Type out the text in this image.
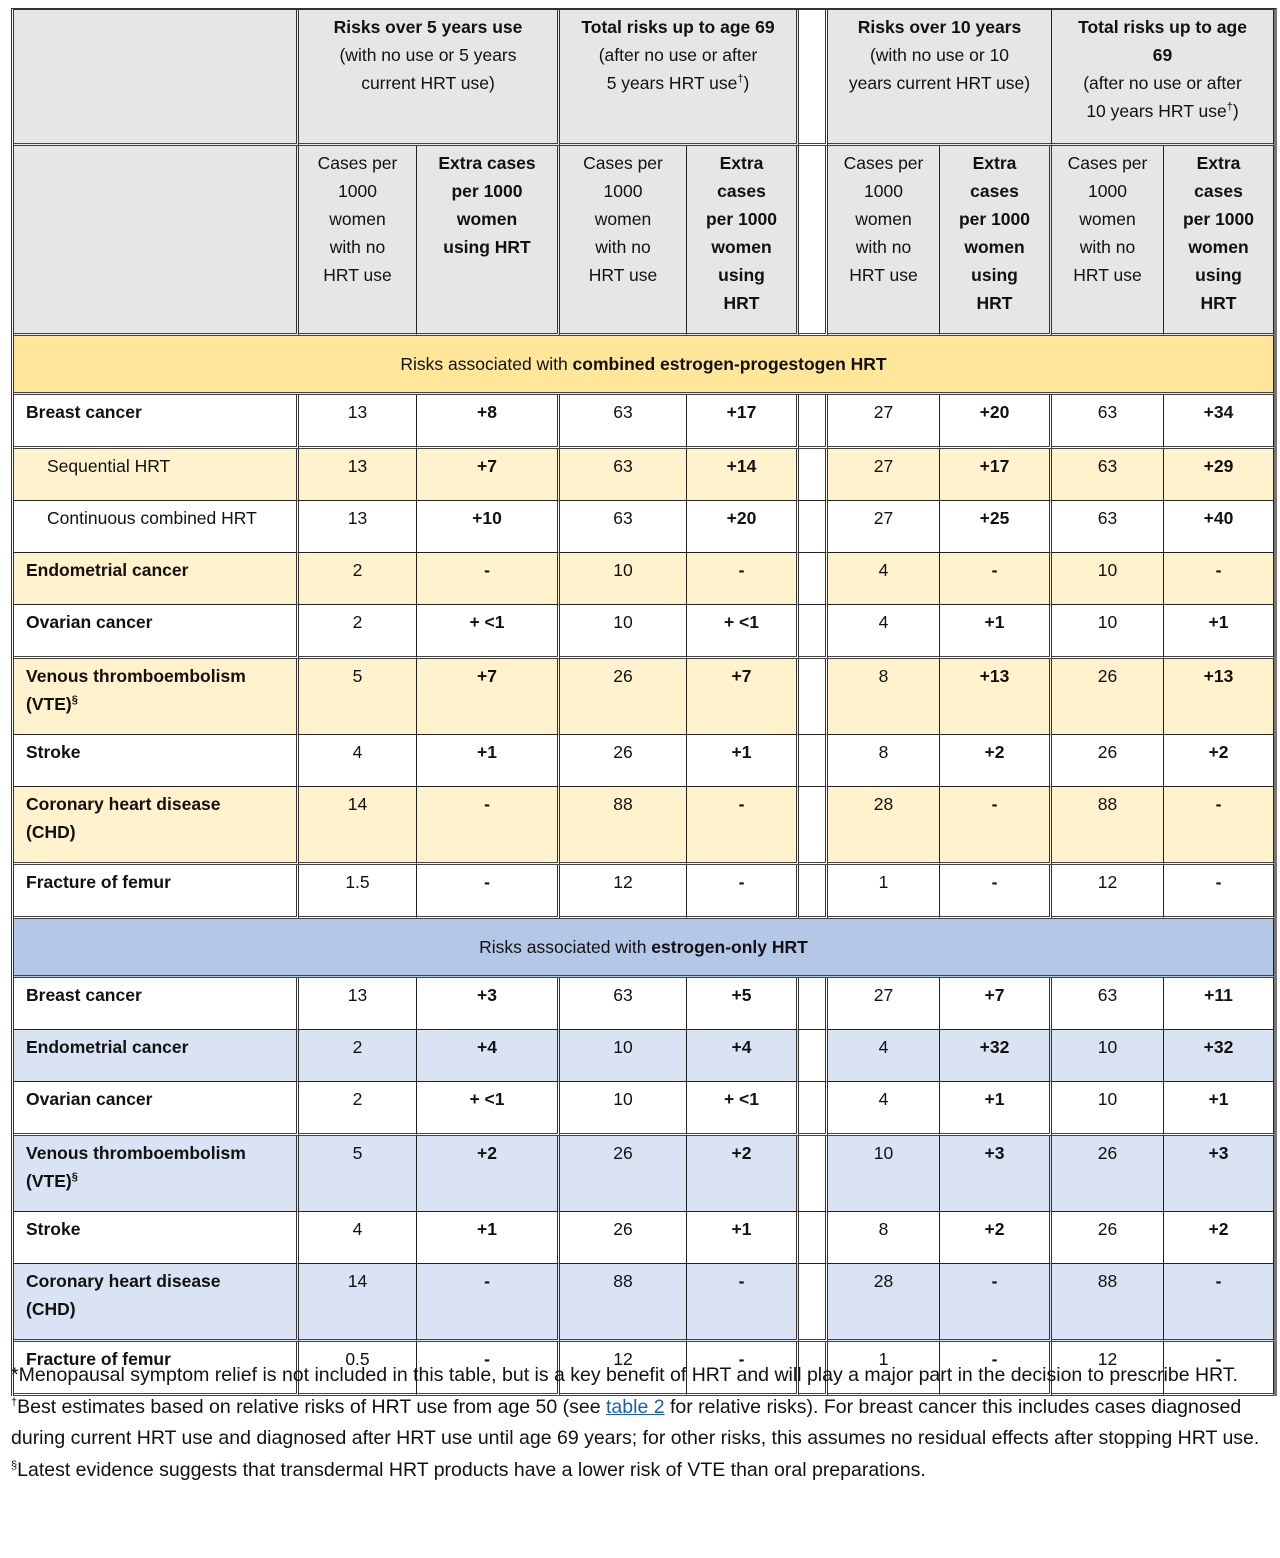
	Risks over 5 years use
(with no use or 5 years
current HRT use)		Total risks up to age 69
(after no use or after
5 years HRT use†)			Risks over 10 years
(with no use or 10
years current HRT use)		Total risks up to age
69
(after no use or after
10 years HRT use†)	
	Cases per
1000
women
with no
HRT use	Extra cases
per 1000
women
using HRT	Cases per
1000
women
with no
HRT use	Extra
cases
per 1000
women
using
HRT		Cases per
1000
women
with no
HRT use	Extra
cases
per 1000
women
using
HRT	Cases per
1000
women
with no
HRT use	Extra
cases
per 1000
women
using
HRT
Risks associated with combined estrogen-progestogen HRT									
Breast cancer	13	+8	63	+17		27	+20	63	+34
Sequential HRT	13	+7	63	+14		27	+17	63	+29
Continuous combined HRT	13	+10	63	+20		27	+25	63	+40
Endometrial cancer	2	-	10	-		4	-	10	-
Ovarian cancer	2	+ <1	10	+ <1		4	+1	10	+1
Venous thromboembolism
(VTE)§	5	+7	26	+7		8	+13	26	+13
Stroke	4	+1	26	+1		8	+2	26	+2
Coronary heart disease
(CHD)	14	-	88	-		28	-	88	-
Fracture of femur	1.5	-	12	-		1	-	12	-
Risks associated with estrogen-only HRT									
Breast cancer	13	+3	63	+5		27	+7	63	+11
Endometrial cancer	2	+4	10	+4		4	+32	10	+32
Ovarian cancer	2	+ <1	10	+ <1		4	+1	10	+1
Venous thromboembolism
(VTE)§	5	+2	26	+2		10	+3	26	+3
Stroke	4	+1	26	+1		8	+2	26	+2
Coronary heart disease
(CHD)	14	-	88	-		28	-	88	-
Fracture of femur	0.5	-	12	-		1	-	12	-

*Menopausal symptom relief is not included in this table, but is a key benefit of HRT and will play a major part in the decision to prescribe HRT.

†Best estimates based on relative risks of HRT use from age 50 (see table 2 for relative risks). For breast cancer this includes cases diagnosed during current HRT use and diagnosed after HRT use until age 69 years; for other risks, this assumes no residual effects after stopping HRT use.

§Latest evidence suggests that transdermal HRT products have a lower risk of VTE than oral preparations.
